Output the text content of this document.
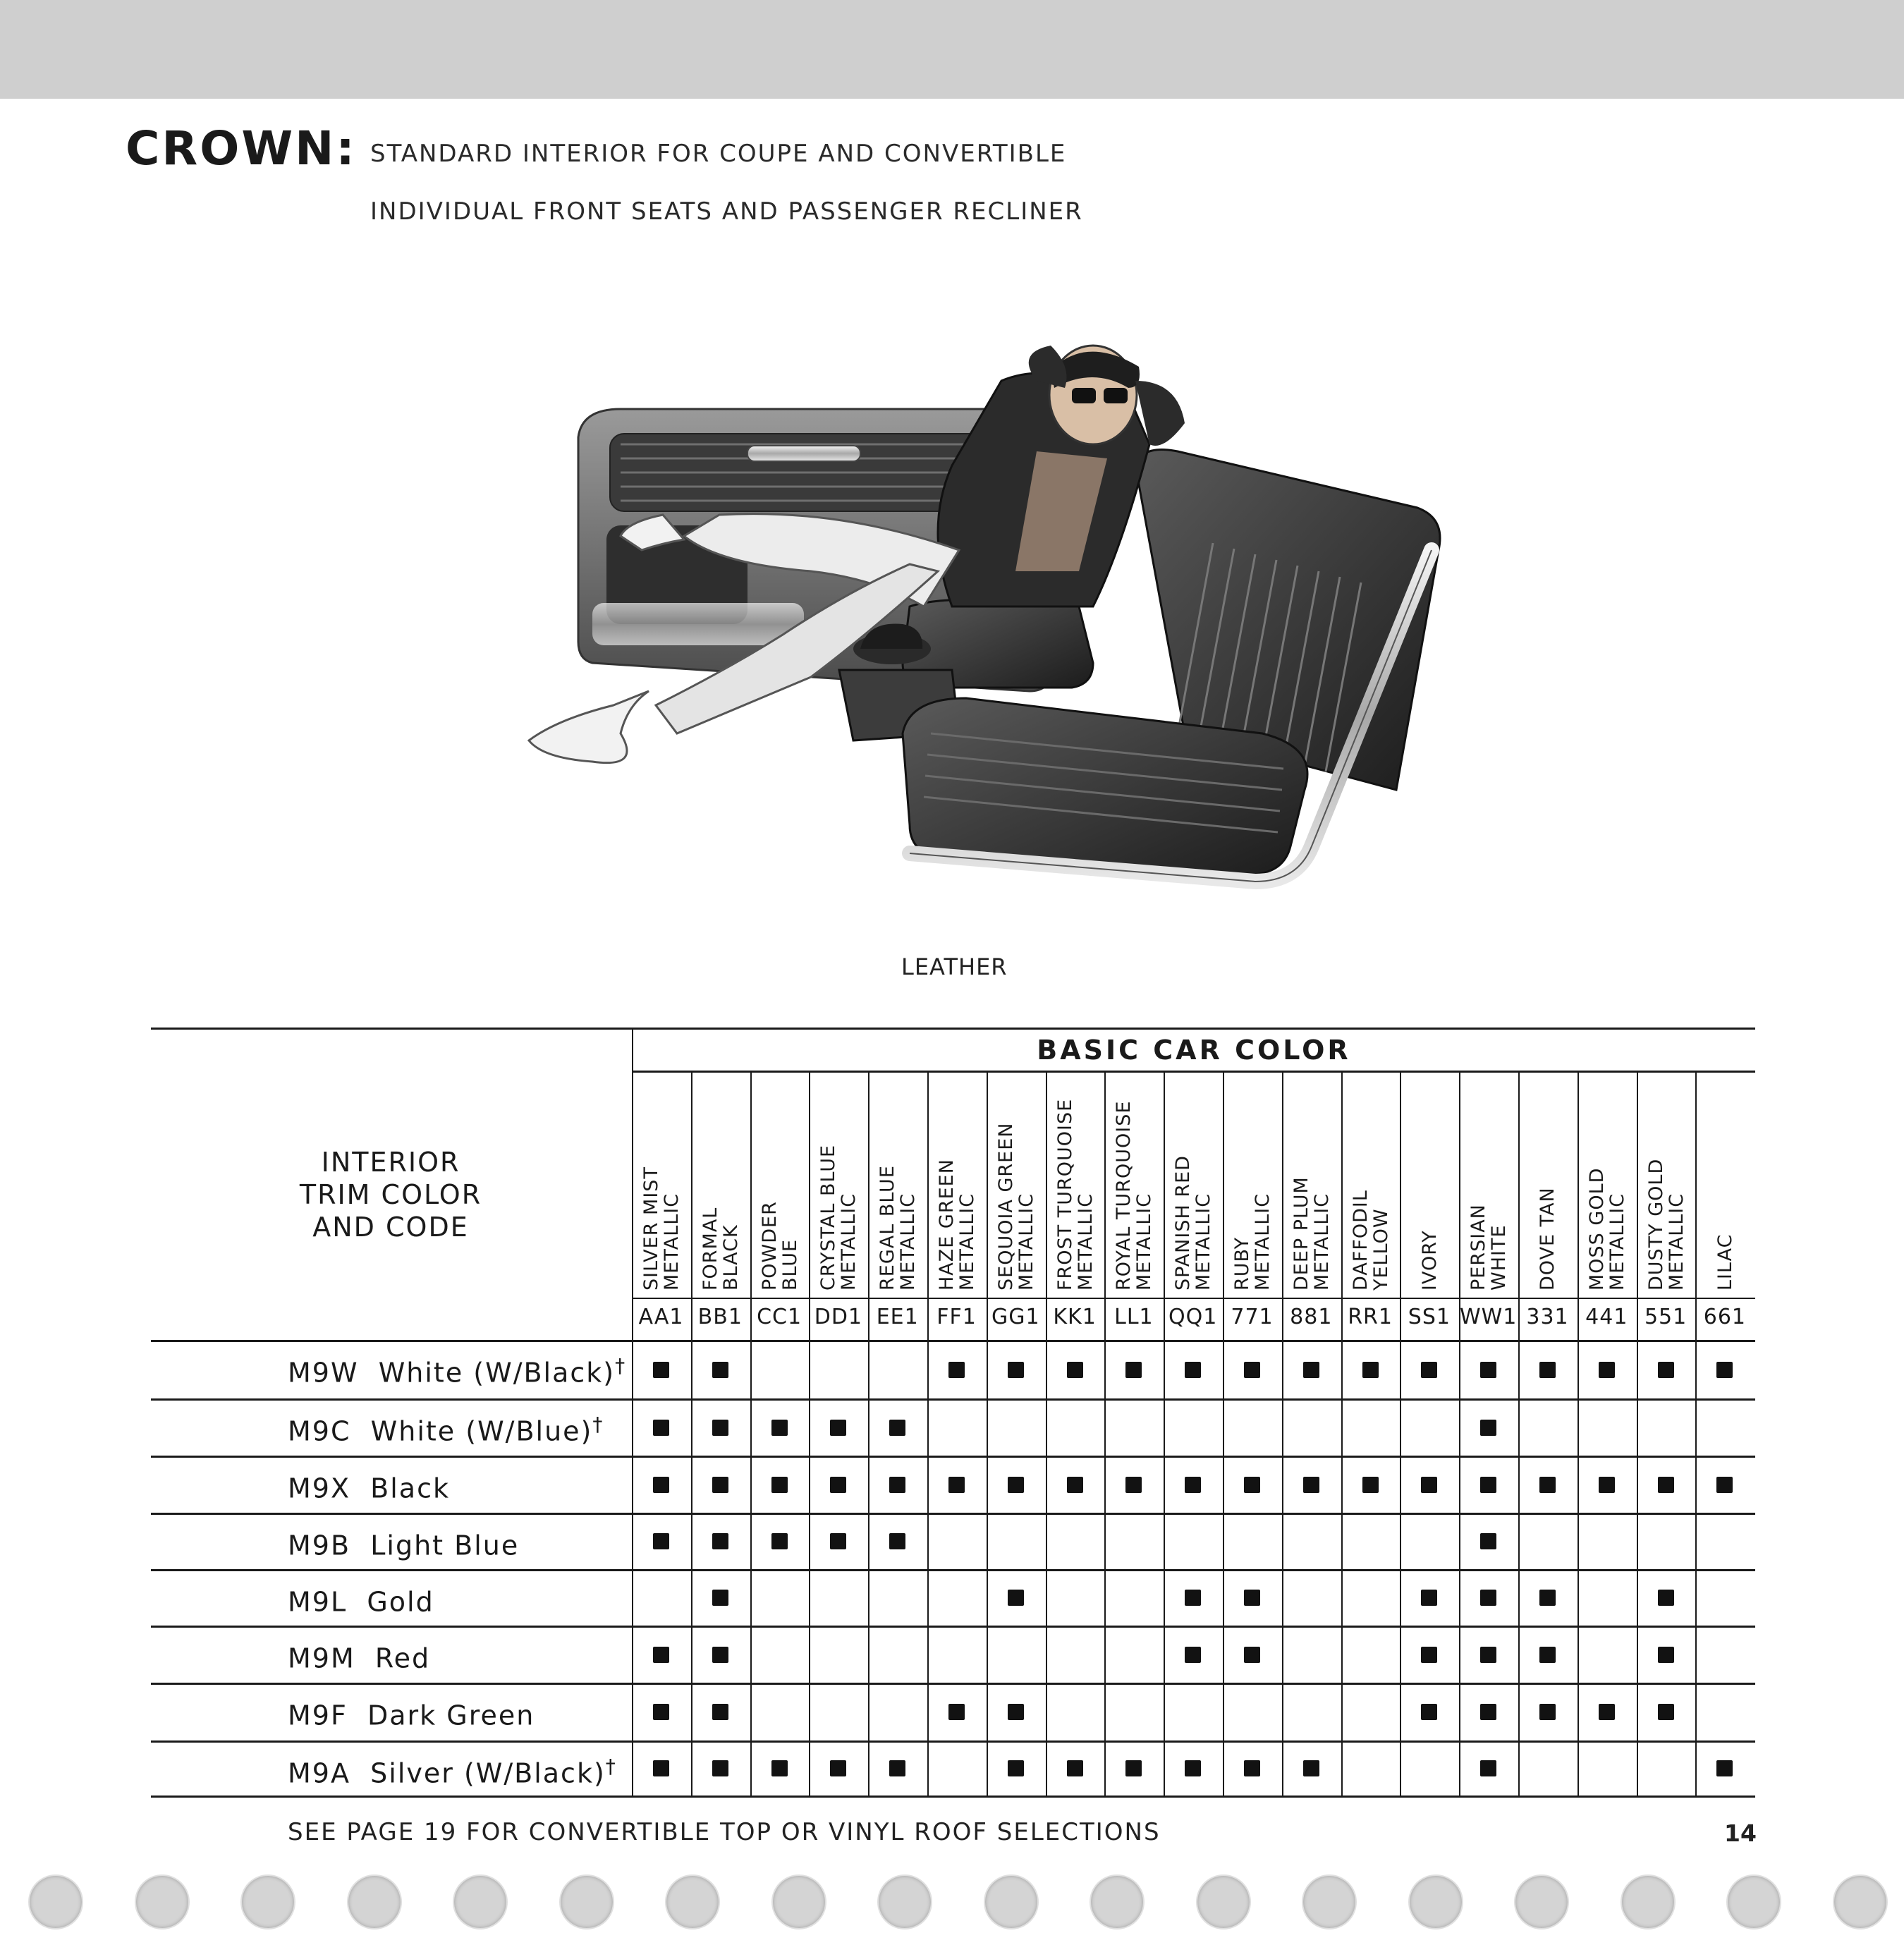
CROWN: STANDARD INTERIOR FOR COUPE AND CONVERTIBLE
INDIVIDUAL FRONT SEATS AND PASSENGER RECLINER
LEATHER
BASIC CAR COLOR
INTERIOR
TRIM COLOR
AND CODE
SEE PAGE 19 FOR CONVERTIBLE TOP OR VINYL ROOF SELECTIONS	14
SILVER MIST
METALLIC
AA1
FORMAL
BLACK
BB1
POWDER
BLUE
CC1
CRYSTAL BLUE
METALLIC
DD1
REGAL BLUE
METALLIC
EE1
HAZE GREEN
METALLIC
FF1
SEQUOIA GREEN
METALLIC
GG1
FROST TURQUOISE
METALLIC
KK1
ROYAL TURQUOISE
METALLIC
LL1
SPANISH RED
METALLIC
QQ1
RUBY
METALLIC
771
DEEP PLUM
METALLIC
881
DAFFODIL
YELLOW
RR1
IVORY
SS1
PERSIAN
WHITE
WW1
DOVE TAN
331
MOSS GOLD
METALLIC
441
DUSTY GOLD
METALLIC
551
LILAC
661
M9W White (W/Black)†
M9C White (W/Blue)†
M9X Black
M9B Light Blue
M9L Gold
M9M Red
M9F Dark Green
M9A Silver (W/Black)†
